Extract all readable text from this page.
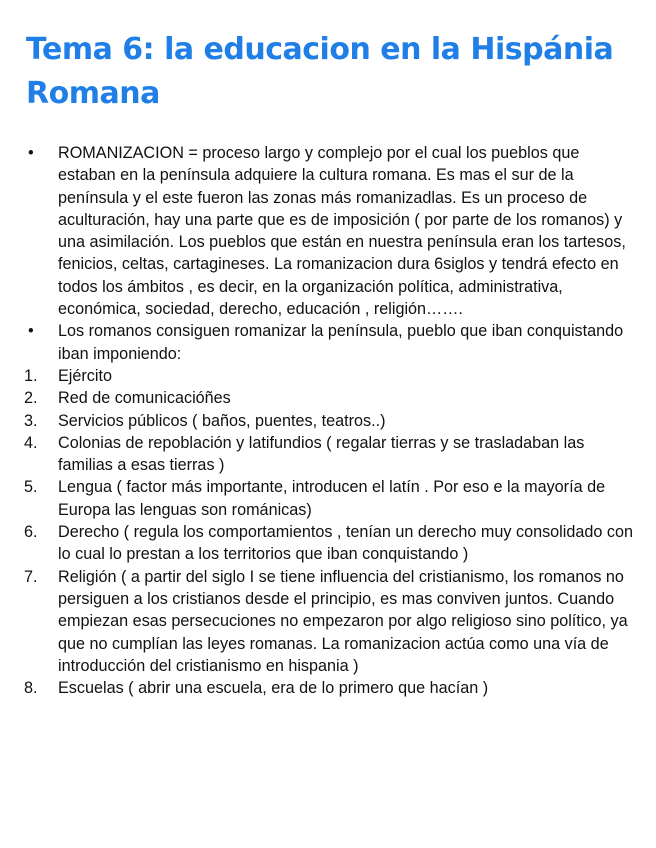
Tema 6: la educacion en la Hispánia Romana
•	ROMANIZACION = proceso largo y complejo por el cual los pueblos que estaban en la península adquiere la cultura romana. Es mas el sur de la península y el este fueron las zonas más romanizadlas. Es un proceso de aculturación, hay una parte que es de imposición ( por parte de los romanos) y una asimilación. Los pueblos que están en nuestra península eran los tartesos, fenicios, celtas, cartagineses. La romanizacion dura 6siglos y tendrá efecto en todos los ámbitos , es decir, en la organización política, administrativa, económica, sociedad, derecho, educación , religión…….
•	Los romanos consiguen romanizar la península, pueblo que iban conquistando iban imponiendo:
1.	Ejército
2.	Red de comunicacióñes
3.	Servicios públicos ( baños, puentes, teatros..)
4.	Colonias de repoblación y latifundios ( regalar tierras y se trasladaban las familias a esas tierras )
5.	Lengua ( factor más importante, introducen el latín . Por eso e la mayoría de Europa las lenguas son románicas)
6.	Derecho ( regula los comportamientos , tenían un derecho muy consolidado con lo cual lo prestan a los territorios que iban conquistando )
7.	Religión ( a partir del siglo I se tiene influencia del cristianismo, los romanos no persiguen a los cristianos desde el principio, es mas conviven juntos. Cuando empiezan esas persecuciones no empezaron por algo religioso sino político, ya que no cumplían las leyes romanas. La romanizacion actúa como una vía de introducción del cristianismo en hispania )
8.	Escuelas ( abrir una escuela, era de lo primero que hacían )
